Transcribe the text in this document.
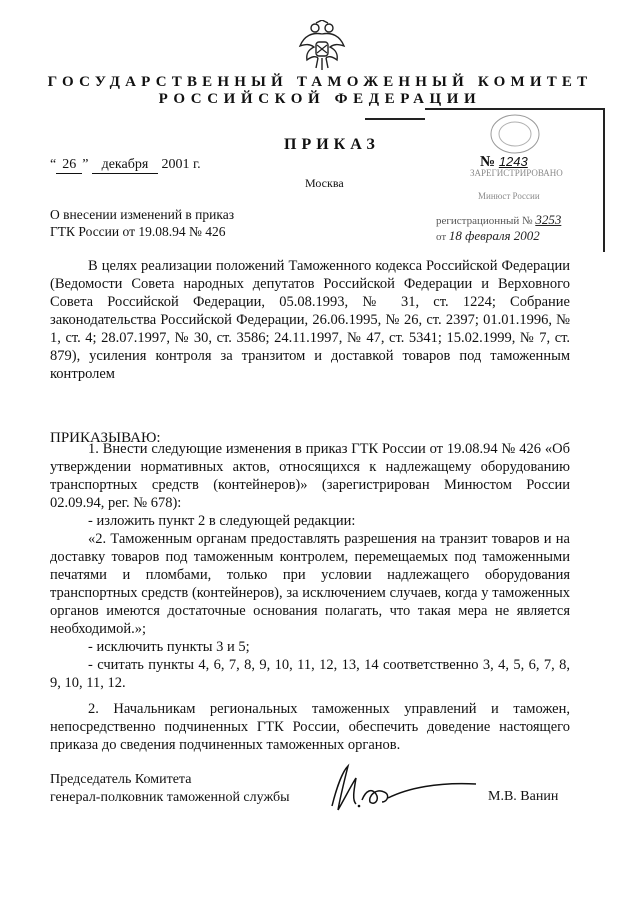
ГОСУДАРСТВЕННЫЙ ТАМОЖЕННЫЙ КОМИТЕТ
РОССИЙСКОЙ ФЕДЕРАЦИИ
ЗАРЕГИСТРИРОВАНО
Минюст России
№ 1243
регистрационный № 3253
от 18 февраля 2002
ПРИКАЗ
“ 26 ” декабря 2001 г.
Москва
О внесении изменений в приказ
ГТК России от 19.08.94 № 426

В целях реализации положений Таможенного кодекса Российской Федерации (Ведомости Совета народных депутатов Российской Федерации и Верховного Совета Российской Федерации, 05.08.1993, № 31, ст. 1224; Собрание законодательства Российской Федерации, 26.06.1995, № 26, ст. 2397; 01.01.1996, № 1, ст. 4; 28.07.1997, № 30, ст. 3586; 24.11.1997, № 47, ст. 5341; 15.02.1999, № 7, ст. 879), усиления контроля за транзитом и доставкой товаров под таможенным контролем

ПРИКАЗЫВАЮ:

1. Внести следующие изменения в приказ ГТК России от 19.08.94 № 426 «Об утверждении нормативных актов, относящихся к надлежащему оборудованию транспортных средств (контейнеров)» (зарегистрирован Минюстом России 02.09.94, рег. № 678):

- изложить пункт 2 в следующей редакции:

«2. Таможенным органам предоставлять разрешения на транзит товаров и на доставку товаров под таможенным контролем, перемещаемых под таможенными печатями и пломбами, только при условии надлежащего оборудования транспортных средств (контейнеров), за исключением случаев, когда у таможенных органов имеются достаточные основания полагать, что такая мера не является необходимой.»;

- исключить пункты 3 и 5;

- считать пункты 4, 6, 7, 8, 9, 10, 11, 12, 13, 14 соответственно 3, 4, 5, 6, 7, 8, 9, 10, 11, 12.

2. Начальникам региональных таможенных управлений и таможен, непосредственно подчиненных ГТК России, обеспечить доведение настоящего приказа до сведения подчиненных таможенных органов.

Председатель Комитета
генерал-полковник таможенной службы	М.В. Ванин
